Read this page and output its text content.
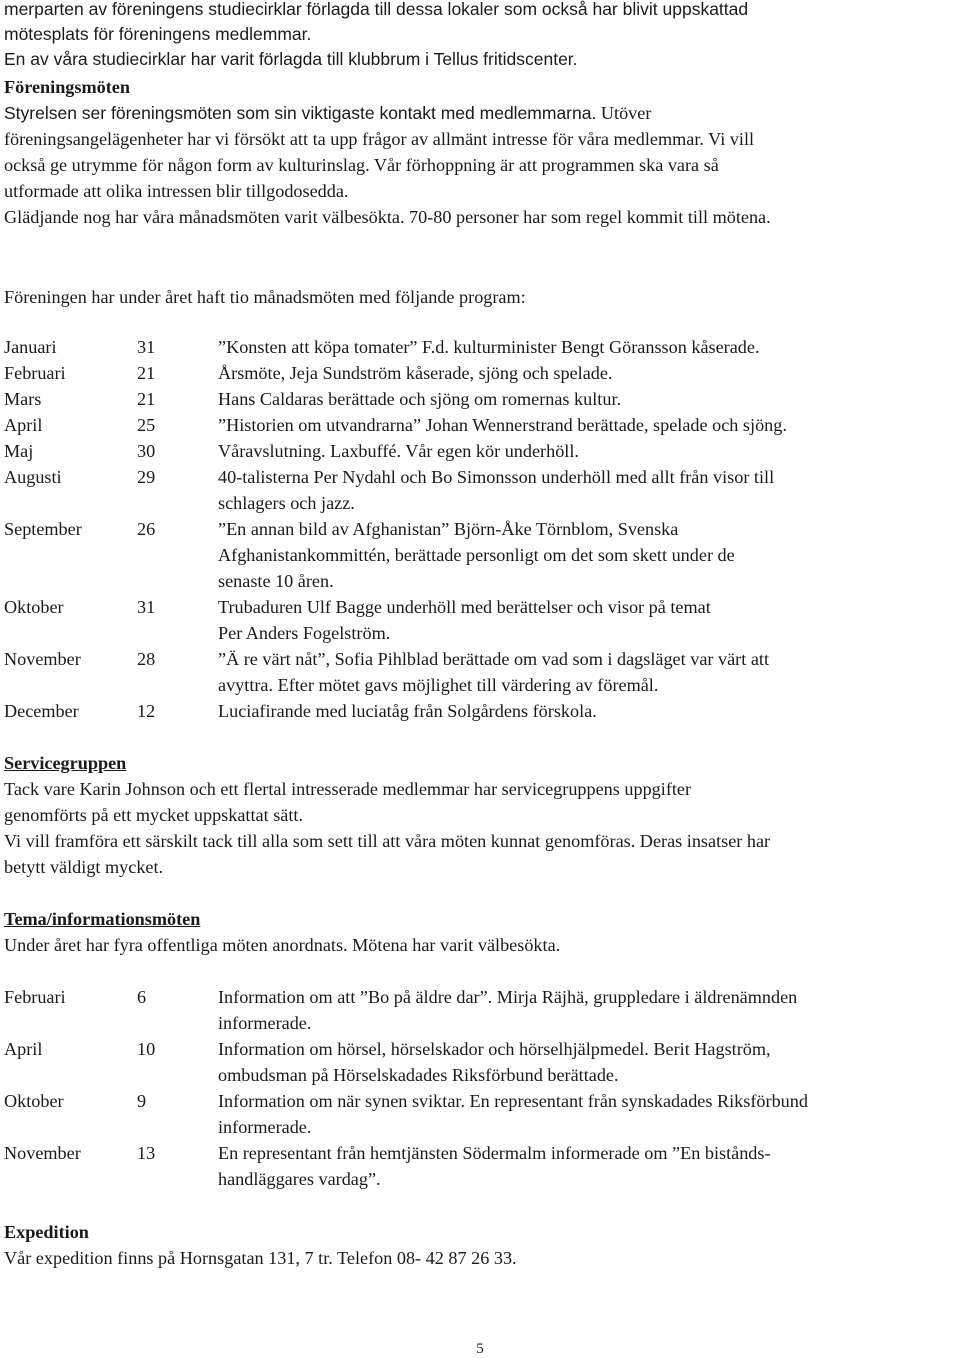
merparten av föreningens studiecirklar förlagda till dessa lokaler som också har blivit uppskattad

mötesplats för föreningens medlemmar.

En av våra studiecirklar har varit förlagda till klubbrum i Tellus fritidscenter.

Föreningsmöten

Styrelsen ser föreningsmöten som sin viktigaste kontakt med medlemmarna. Utöver

föreningsangelägenheter har vi försökt att ta upp frågor av allmänt intresse för våra medlemmar. Vi vill

också ge utrymme för någon form av kulturinslag. Vår förhoppning är att programmen ska vara så

utformade att olika intressen blir tillgodosedda.

Glädjande nog har våra månadsmöten varit välbesökta. 70-80 personer har som regel kommit till mötena.

Föreningen har under året haft tio månadsmöten med följande program:
Januari	31	”Konsten att köpa tomater” F.d. kulturminister Bengt Göransson kåserade.
Februari	21	Årsmöte, Jeja Sundström kåserade, sjöng och spelade.
Mars	21	Hans Caldaras berättade och sjöng om romernas kultur.
April	25	”Historien om utvandrarna” Johan Wennerstrand berättade, spelade och sjöng.
Maj	30	Våravslutning. Laxbuffé. Vår egen kör underhöll.
Augusti	29	40-talisterna Per Nydahl och Bo Simonsson underhöll med allt från visor till
schlagers och jazz.
September	26	”En annan bild av Afghanistan” Björn-Åke Törnblom, Svenska
Afghanistankommittén, berättade personligt om det som skett under de
senaste 10 åren.
Oktober	31	Trubaduren Ulf Bagge underhöll med berättelser och visor på temat
Per Anders Fogelström.
November	28	”Ä re värt nåt”, Sofia Pihlblad berättade om vad som i dagsläget var värt att
avyttra. Efter mötet gavs möjlighet till värdering av föremål.
December	12	Luciafirande med luciatåg från Solgårdens förskola.

Servicegruppen

Tack vare Karin Johnson och ett flertal intresserade medlemmar har servicegruppens uppgifter

genomförts på ett mycket uppskattat sätt.

Vi vill framföra ett särskilt tack till alla som sett till att våra möten kunnat genomföras. Deras insatser har

betytt väldigt mycket.

Tema/informationsmöten

Under året har fyra offentliga möten anordnats. Mötena har varit välbesökta.

Februari	6	Information om att ”Bo på äldre dar”. Mirja Räjhä, gruppledare i äldrenämnden
informerade.
April	10	Information om hörsel, hörselskador och hörselhjälpmedel. Berit Hagström,
ombudsman på Hörselskadades Riksförbund berättade.
Oktober	9	Information om när synen sviktar. En representant från synskadades Riksförbund
informerade.
November	13	En representant från hemtjänsten Södermalm informerade om ”En bistånds-
handläggares vardag”.

Expedition

Vår expedition finns på Hornsgatan 131, 7 tr. Telefon 08- 42 87 26 33.

5
